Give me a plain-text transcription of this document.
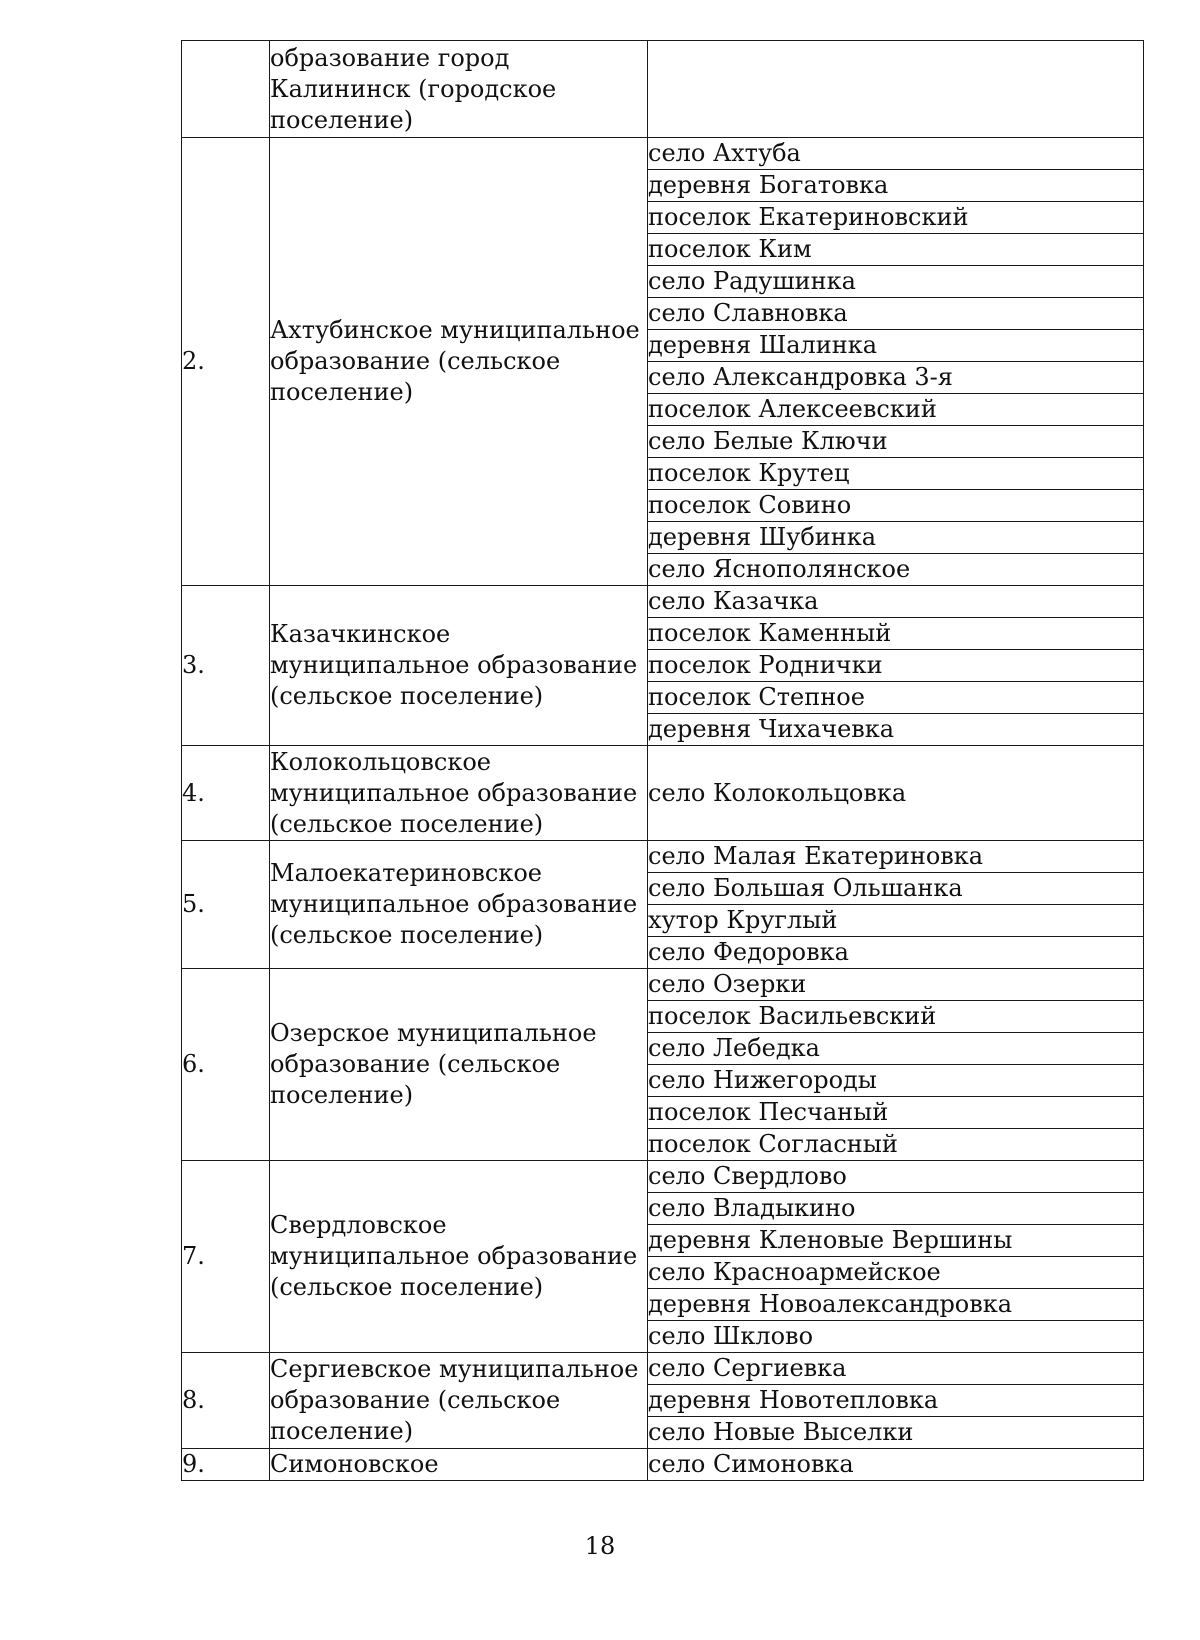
	образование город Калининск (городское поселение)	
2.	Ахтубинское муниципальное образование (сельское поселение)	село Ахтуба
		деревня Богатовка
		поселок Екатериновский
		поселок Ким
		село Радушинка
		село Славновка
		деревня Шалинка
		село Александровка 3-я
		поселок Алексеевский
		село Белые Ключи
		поселок Крутец
		поселок Совино
		деревня Шубинка
		село Яснополянское
3.	Казачкинское муниципальное образование (сельское поселение)	село Казачка
		поселок Каменный
		поселок Роднички
		поселок Степное
		деревня Чихачевка
4.	Колокольцовское муниципальное образование (сельское поселение)	село Колокольцовка
5.	Малоекатериновское муниципальное образование (сельское поселение)	село Малая Екатериновка
		село Большая Ольшанка
		хутор Круглый
		село Федоровка
6.	Озерское муниципальное образование (сельское поселение)	село Озерки
		поселок Васильевский
		село Лебедка
		село Нижегороды
		поселок Песчаный
		поселок Согласный
7.	Свердловское муниципальное образование (сельское поселение)	село Свердлово
		село Владыкино
		деревня Кленовые Вершины
		село Красноармейское
		деревня Новоалександровка
		село Шклово
8.	Сергиевское муниципальное образование (сельское поселение)	село Сергиевка
		деревня Новотепловка
		село Новые Выселки
9.	Симоновское	село Симоновка
18
